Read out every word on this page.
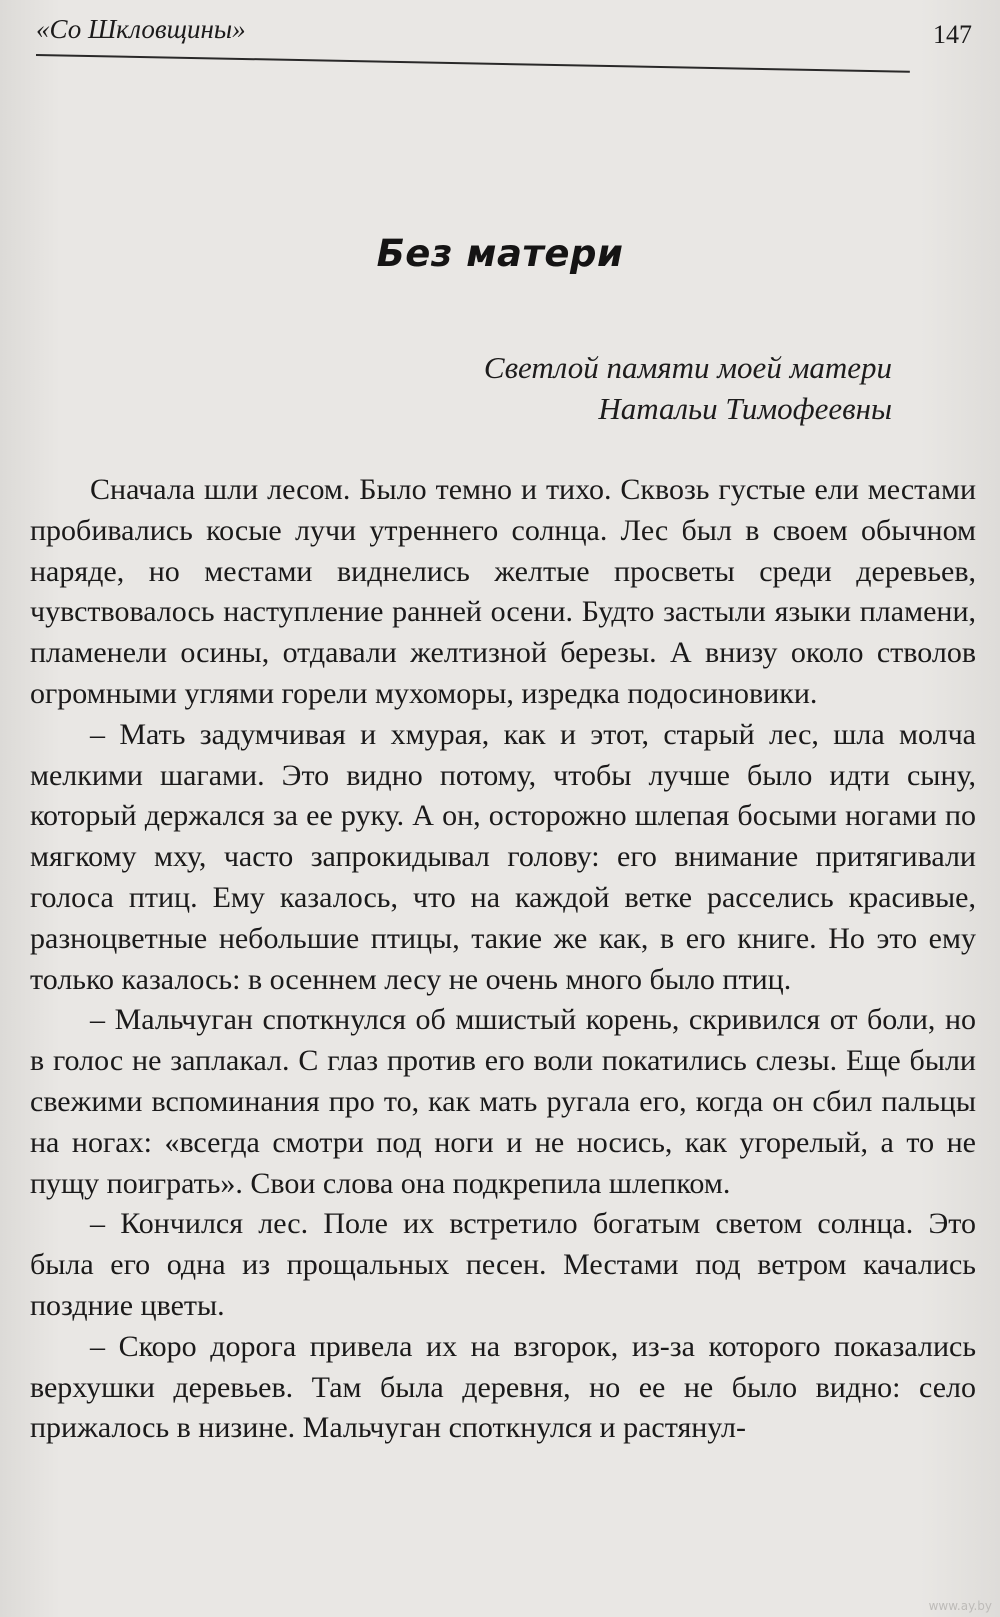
«Со Шкловщины»	147
Без матери
Светлой памяти моей матери
Натальи Тимофеевны

Сначала шли лесом. Было темно и тихо. Сквозь густые ели местами пробивались косые лучи утреннего солнца. Лес был в своем обычном наряде, но местами виднелись желтые просветы среди деревьев, чувствовалось наступление ранней осени. Будто застыли языки пламени, пламенели осины, отдавали желтизной березы. А внизу около стволов огромными углями горели мухоморы, изредка подосиновики.

– Мать задумчивая и хмурая, как и этот, старый лес, шла молча мелкими шагами. Это видно потому, чтобы лучше было идти сыну, который держался за ее руку. А он, осторожно шлепая босыми ногами по мягкому мху, часто запрокидывал голову: его внимание притягивали голоса птиц. Ему казалось, что на каждой ветке расселись красивые, разноцветные небольшие птицы, такие же как, в его книге. Но это ему только казалось: в осеннем лесу не очень много было птиц.

– Мальчуган споткнулся об мшистый корень, скривился от боли, но в голос не заплакал. С глаз против его воли покатились слезы. Еще были свежими вспоминания про то, как мать ругала его, когда он сбил пальцы на ногах: «всегда смотри под ноги и не носись, как угорелый, а то не пущу поиграть». Свои слова она подкрепила шлепком.

– Кончился лес. Поле их встретило богатым светом солнца. Это была его одна из прощальных песен. Местами под ветром качались поздние цветы.

– Скоро дорога привела их на взгорок, из-за которого показались верхушки деревьев. Там была деревня, но ее не было видно: село прижалось в низине. Мальчуган споткнулся и растянул-

www.ay.by
